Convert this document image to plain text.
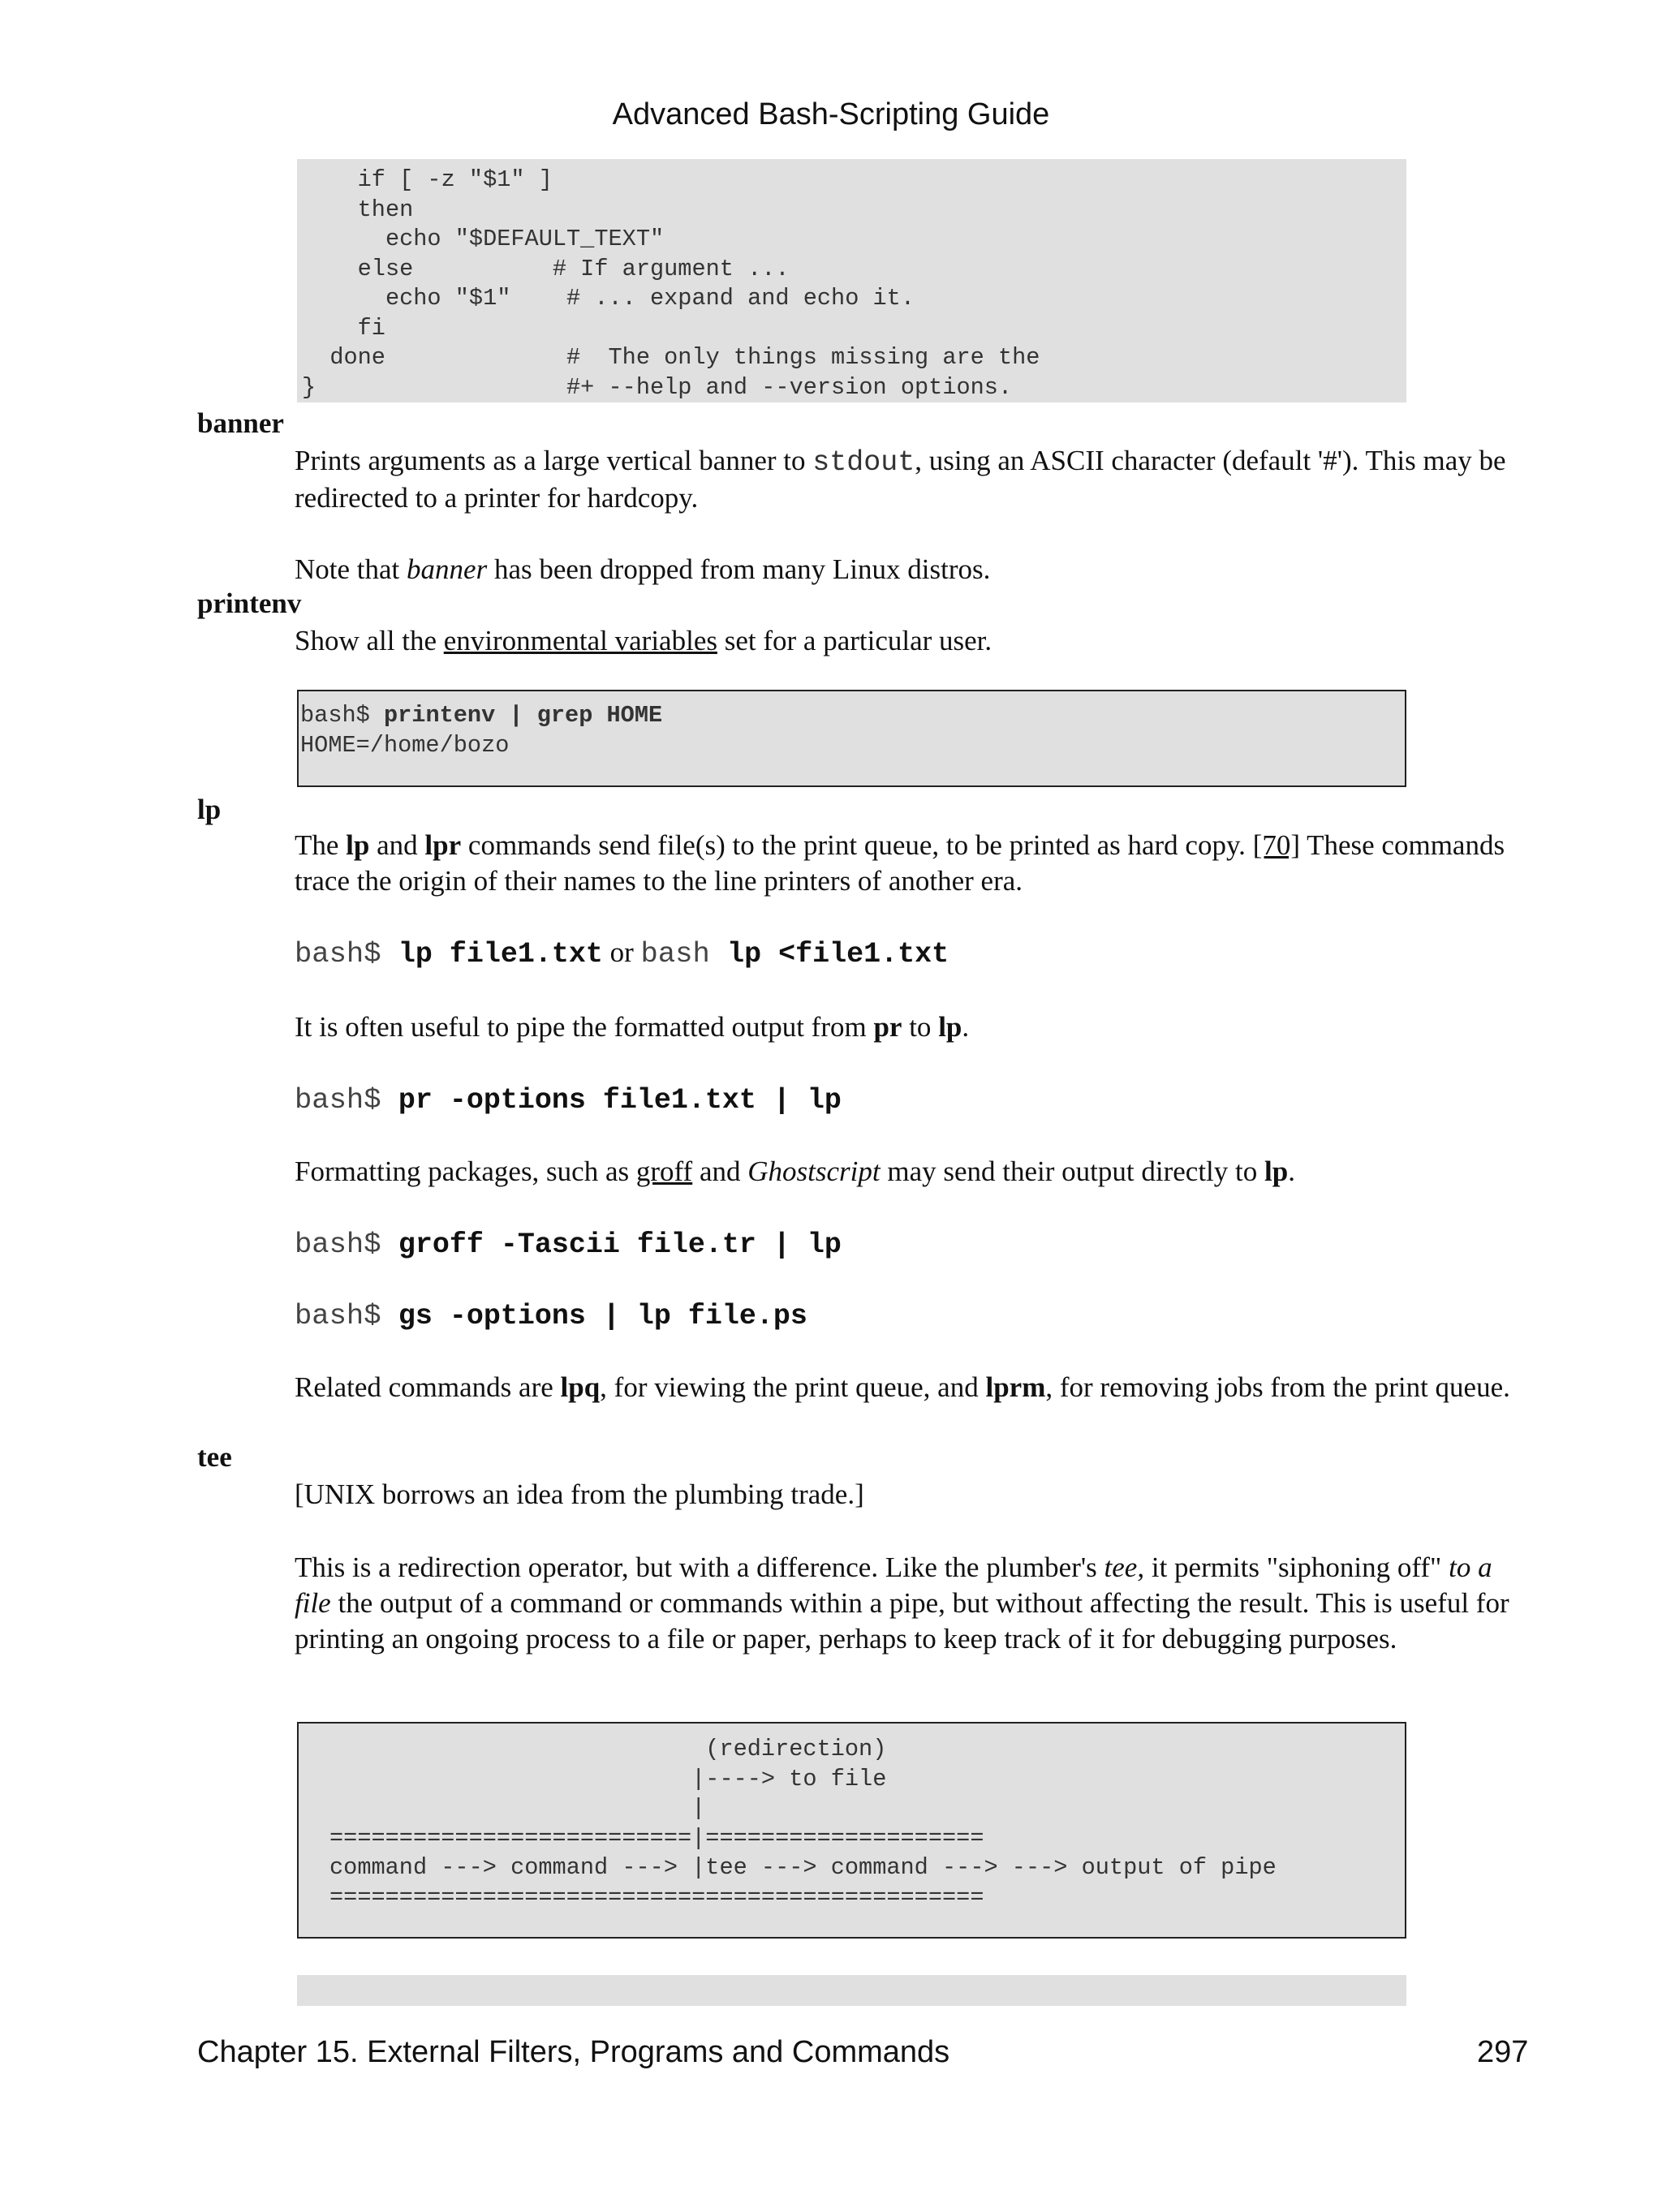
Advanced Bash-Scripting Guide
if [ -z "$1" ]
then
echo "$DEFAULT_TEXT"
else          # If argument ...
echo "$1"    # ... expand and echo it.
fi
done             #  The only things missing are the
}                  #+ --help and --version options.
banner
Prints arguments as a large vertical banner to stdout, using an ASCII character (default '#'). This may be redirected to a printer for hardcopy.
Note that banner has been dropped from many Linux distros.
printenv
Show all the environmental variables set for a particular user.
bash$ printenv | grep HOME
HOME=/home/bozo
lp
The lp and lpr commands send file(s) to the print queue, to be printed as hard copy. [70] These commands trace the origin of their names to the line printers of another era.
bash$ lp file1.txt or bash lp <file1.txt
It is often useful to pipe the formatted output from pr to lp.
bash$ pr -options file1.txt | lp
Formatting packages, such as groff and Ghostscript may send their output directly to lp.
bash$ groff -Tascii file.tr | lp
bash$ gs -options | lp file.ps
Related commands are lpq, for viewing the print queue, and lprm, for removing jobs from the print queue.
tee
[UNIX borrows an idea from the plumbing trade.]
This is a redirection operator, but with a difference. Like the plumber's tee, it permits "siphoning off" to a file the output of a command or commands within a pipe, but without affecting the result. This is useful for printing an ongoing process to a file or paper, perhaps to keep track of it for debugging purposes.
(redirection)
|----> to file
|
==========================|====================
command ---> command ---> |tee ---> command ---> ---> output of pipe
===============================================
Chapter 15. External Filters, Programs and Commands	297
